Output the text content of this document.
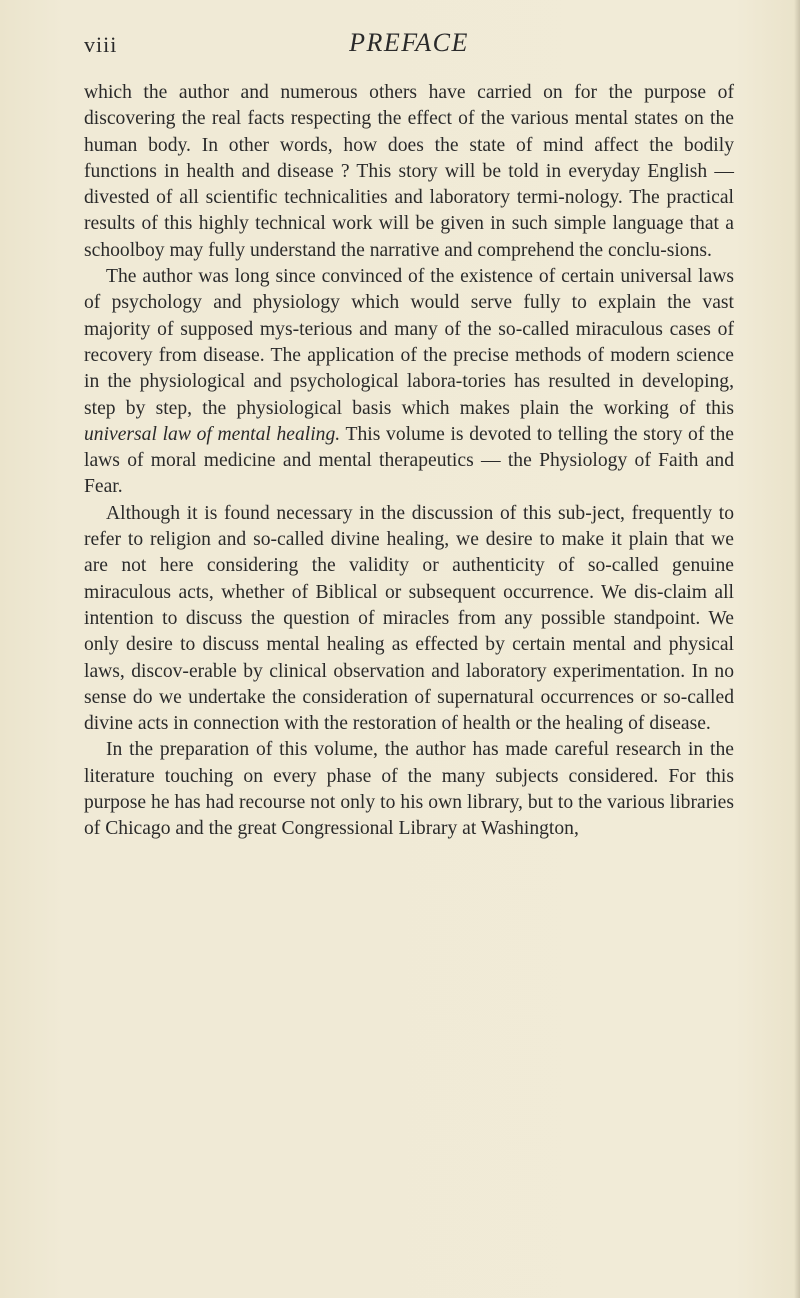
viii	PREFACE

which the author and numerous others have carried on for the purpose of discovering the real facts respecting the effect of the various mental states on the human body. In other words, how does the state of mind affect the bodily functions in health and disease ? This story will be told in everyday English — divested of all scientific technicalities and laboratory termi-nology. The practical results of this highly technical work will be given in such simple language that a schoolboy may fully understand the narrative and comprehend the conclu-sions.

The author was long since convinced of the existence of certain universal laws of psychology and physiology which would serve fully to explain the vast majority of supposed mys-terious and many of the so-called miraculous cases of recovery from disease. The application of the precise methods of modern science in the physiological and psychological labora-tories has resulted in developing, step by step, the physiological basis which makes plain the working of this universal law of mental healing. This volume is devoted to telling the story of the laws of moral medicine and mental therapeutics — the Physiology of Faith and Fear.

Although it is found necessary in the discussion of this sub-ject, frequently to refer to religion and so-called divine healing, we desire to make it plain that we are not here considering the validity or authenticity of so-called genuine miraculous acts, whether of Biblical or subsequent occurrence. We dis-claim all intention to discuss the question of miracles from any possible standpoint. We only desire to discuss mental healing as effected by certain mental and physical laws, discov-erable by clinical observation and laboratory experimentation. In no sense do we undertake the consideration of supernatural occurrences or so-called divine acts in connection with the restoration of health or the healing of disease.

In the preparation of this volume, the author has made careful research in the literature touching on every phase of the many subjects considered. For this purpose he has had recourse not only to his own library, but to the various libraries of Chicago and the great Congressional Library at Washington,
